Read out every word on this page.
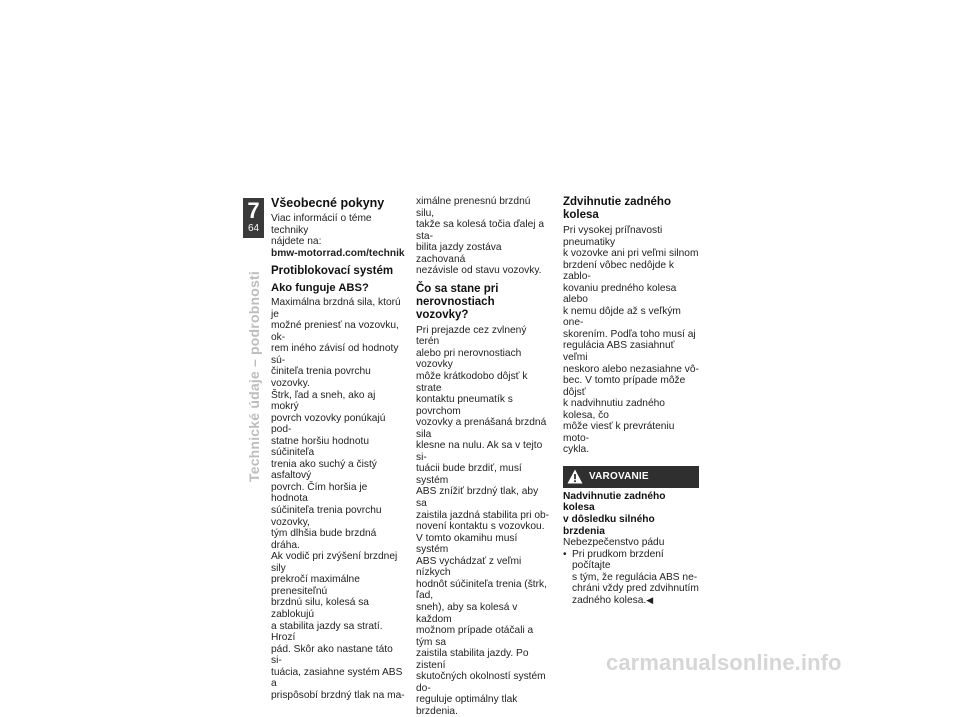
7
64
Technické údaje – podrobnosti
Všeobecné pokyny

Viac informácií o téme techniky
nájdete na:

bmw-motorrad.com/technik

Protiblokovací systém
Ako funguje ABS?

Maximálna brzdná sila, ktorú je
možné preniesť na vozovku, ok-
rem iného závisí od hodnoty sú-
činiteľa trenia povrchu vozovky.
Štrk, ľad a sneh, ako aj mokrý
povrch vozovky ponúkajú pod-
statne horšiu hodnotu súčiniteľa
trenia ako suchý a čistý asfaltový
povrch. Čím horšia je hodnota
súčiniteľa trenia povrchu vozovky,
tým dlhšia bude brzdná dráha.
Ak vodič pri zvýšení brzdnej sily
prekročí maximálne prenesiteľnú
brzdnú silu, kolesá sa zablokujú
a stabilita jazdy sa stratí. Hrozí
pád. Skôr ako nastane táto si-
tuácia, zasiahne systém ABS a
prispôsobí brzdný tlak na ma-

ximálne prenesnú brzdnú silu,
takže sa kolesá točia ďalej a sta-
bilita jazdy zostáva zachovaná
nezávisle od stavu vozovky.

Čo sa stane pri nerovnostiach vozovky?

Pri prejazde cez zvlnený terén
alebo pri nerovnostiach vozovky
môže krátkodobo dôjsť k strate
kontaktu pneumatík s povrchom
vozovky a prenášaná brzdná sila
klesne na nulu. Ak sa v tejto si-
tuácii bude brzdiť, musí systém
ABS znížiť brzdný tlak, aby sa
zaistila jazdná stabilita pri ob-
novení kontaktu s vozovkou.
V tomto okamihu musí systém
ABS vychádzať z veľmi nízkych
hodnôt súčiniteľa trenia (štrk, ľad,
sneh), aby sa kolesá v každom
možnom prípade otáčali a tým sa
zaistila stabilita jazdy. Po zistení
skutočných okolností systém do-
reguluje optimálny tlak brzdenia.

Zdvihnutie zadného kolesa

Pri vysokej príľnavosti pneumatiky
k vozovke ani pri veľmi silnom
brzdení vôbec nedôjde k zablo-
kovaniu predného kolesa alebo
k nemu dôjde až s veľkým one-
skorením. Podľa toho musí aj
regulácia ABS zasiahnuť veľmi
neskoro alebo nezasiahne vô-
bec. V tomto prípade môže dôjsť
k nadvihnutiu zadného kolesa, čo
môže viesť k prevráteniu moto-
cykla.

VAROVANIE

Nadvihnutie zadného kolesa
v dôsledku silného brzdenia

Nebezpečenstvo pádu

• Pri prudkom brzdení počítajte
s tým, že regulácia ABS ne-
chráni vždy pred zdvihnutím
zadného kolesa.◀
carmanualsonline.info
